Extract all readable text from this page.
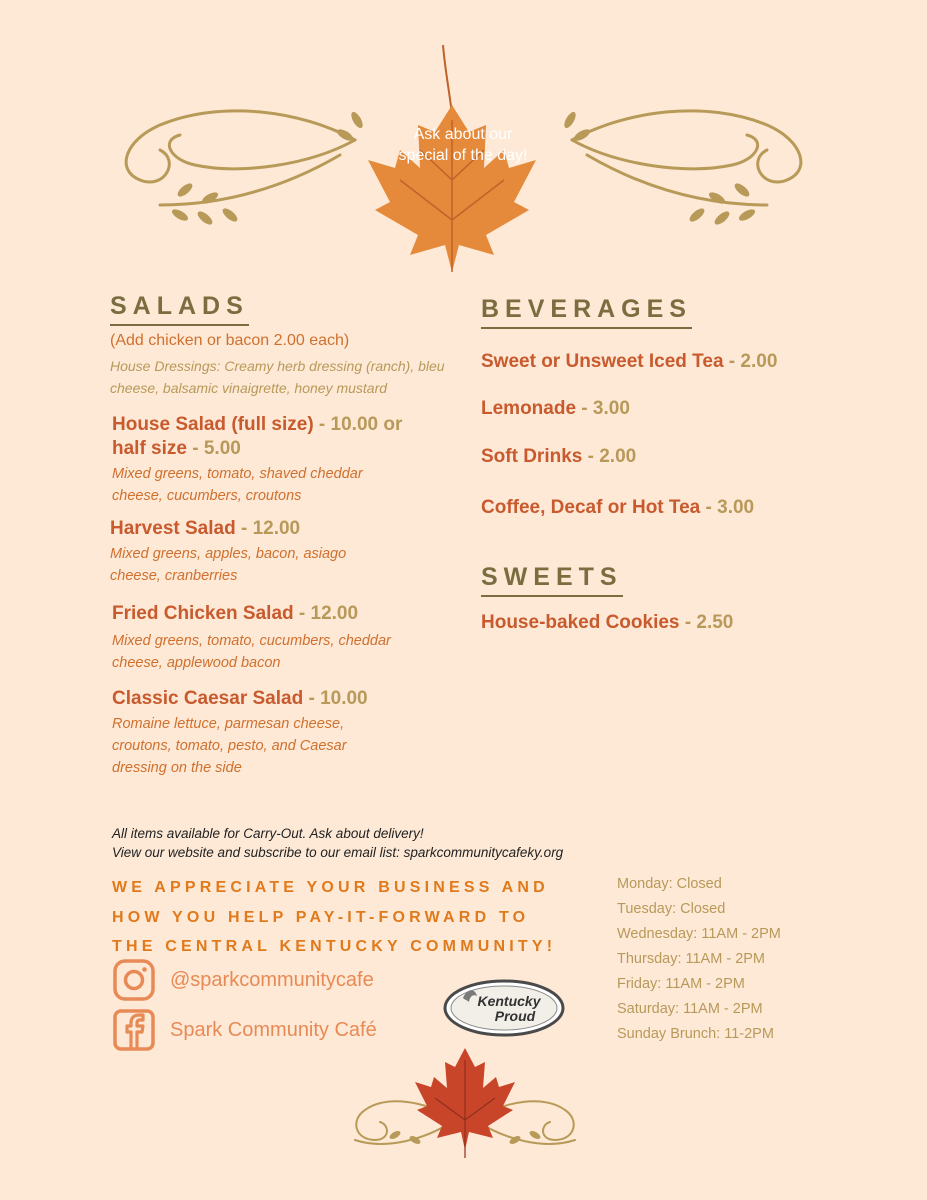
Ask about our special of the day!
SALADS
(Add chicken or bacon 2.00 each)
House Dressings: Creamy herb dressing (ranch), bleu cheese, balsamic vinaigrette, honey mustard
House Salad (full size) - 10.00 or
half size - 5.00
Mixed greens, tomato, shaved cheddar cheese, cucumbers, croutons
Harvest Salad - 12.00
Mixed greens, apples, bacon, asiago cheese, cranberries
Fried Chicken Salad - 12.00
Mixed greens, tomato, cucumbers, cheddar cheese, applewood bacon
Classic Caesar Salad - 10.00
Romaine lettuce, parmesan cheese, croutons, tomato, pesto, and Caesar dressing on the side
BEVERAGES
Sweet or Unsweet Iced Tea - 2.00
Lemonade - 3.00
Soft Drinks - 2.00
Coffee, Decaf or Hot Tea - 3.00
SWEETS
House-baked Cookies - 2.50
All items available for Carry-Out. Ask about delivery!
View our website and subscribe to our email list: sparkcommunitycafeky.org
WE APPRECIATE YOUR BUSINESS AND
HOW YOU HELP PAY-IT-FORWARD TO
THE CENTRAL KENTUCKY COMMUNITY!
@sparkcommunitycafe
Spark Community Café
Kentucky
Proud
Monday: Closed
Tuesday: Closed
Wednesday: 11AM - 2PM
Thursday: 11AM - 2PM
Friday: 11AM - 2PM
Saturday: 11AM - 2PM
Sunday Brunch: 11-2PM
